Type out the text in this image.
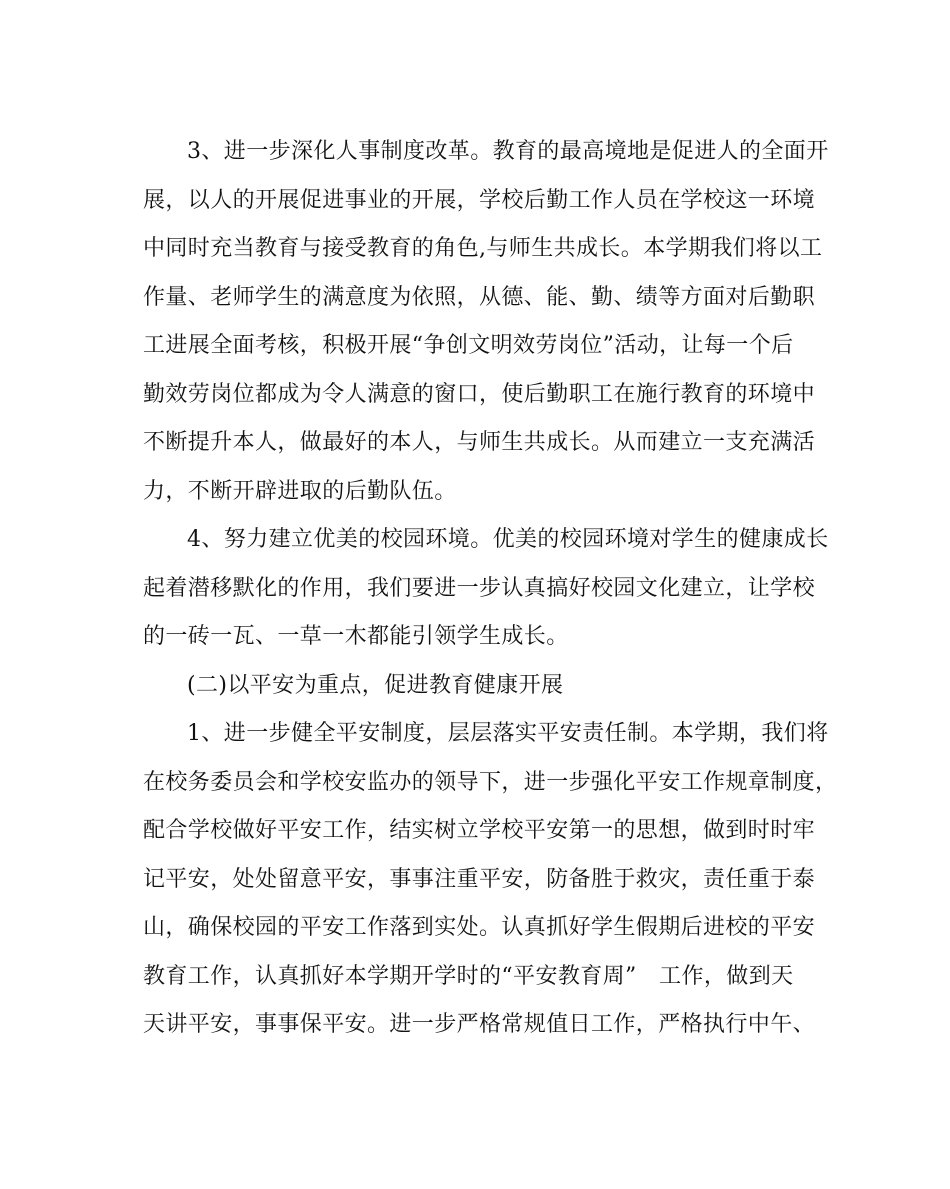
3、进一步深化人事制度改革。教育的最高境地是促进人的全面开
展，以人的开展促进事业的开展，学校后勤工作人员在学校这一环境
中同时充当教育与接受教育的角色,与师生共成长。本学期我们将以工
作量、老师学生的满意度为依照，从德、能、勤、绩等方面对后勤职
工进展全面考核，积极开展“争创文明效劳岗位”活动，让每一个后
勤效劳岗位都成为令人满意的窗口，使后勤职工在施行教育的环境中
不断提升本人，做最好的本人，与师生共成长。从而建立一支充满活
力，不断开辟进取的后勤队伍。
4、努力建立优美的校园环境。优美的校园环境对学生的健康成长
起着潜移默化的作用，我们要进一步认真搞好校园文化建立，让学校
的一砖一瓦、一草一木都能引领学生成长。
(二)以平安为重点，促进教育健康开展
1、进一步健全平安制度，层层落实平安责任制。本学期，我们将
在校务委员会和学校安监办的领导下，进一步强化平安工作规章制度，
配合学校做好平安工作，结实树立学校平安第一的思想，做到时时牢
记平安，处处留意平安，事事注重平安，防备胜于救灾，责任重于泰
山，确保校园的平安工作落到实处。认真抓好学生假期后进校的平安
教育工作，认真抓好本学期开学时的“平安教育周”　工作，做到天
天讲平安，事事保平安。进一步严格常规值日工作，严格执行中午、
